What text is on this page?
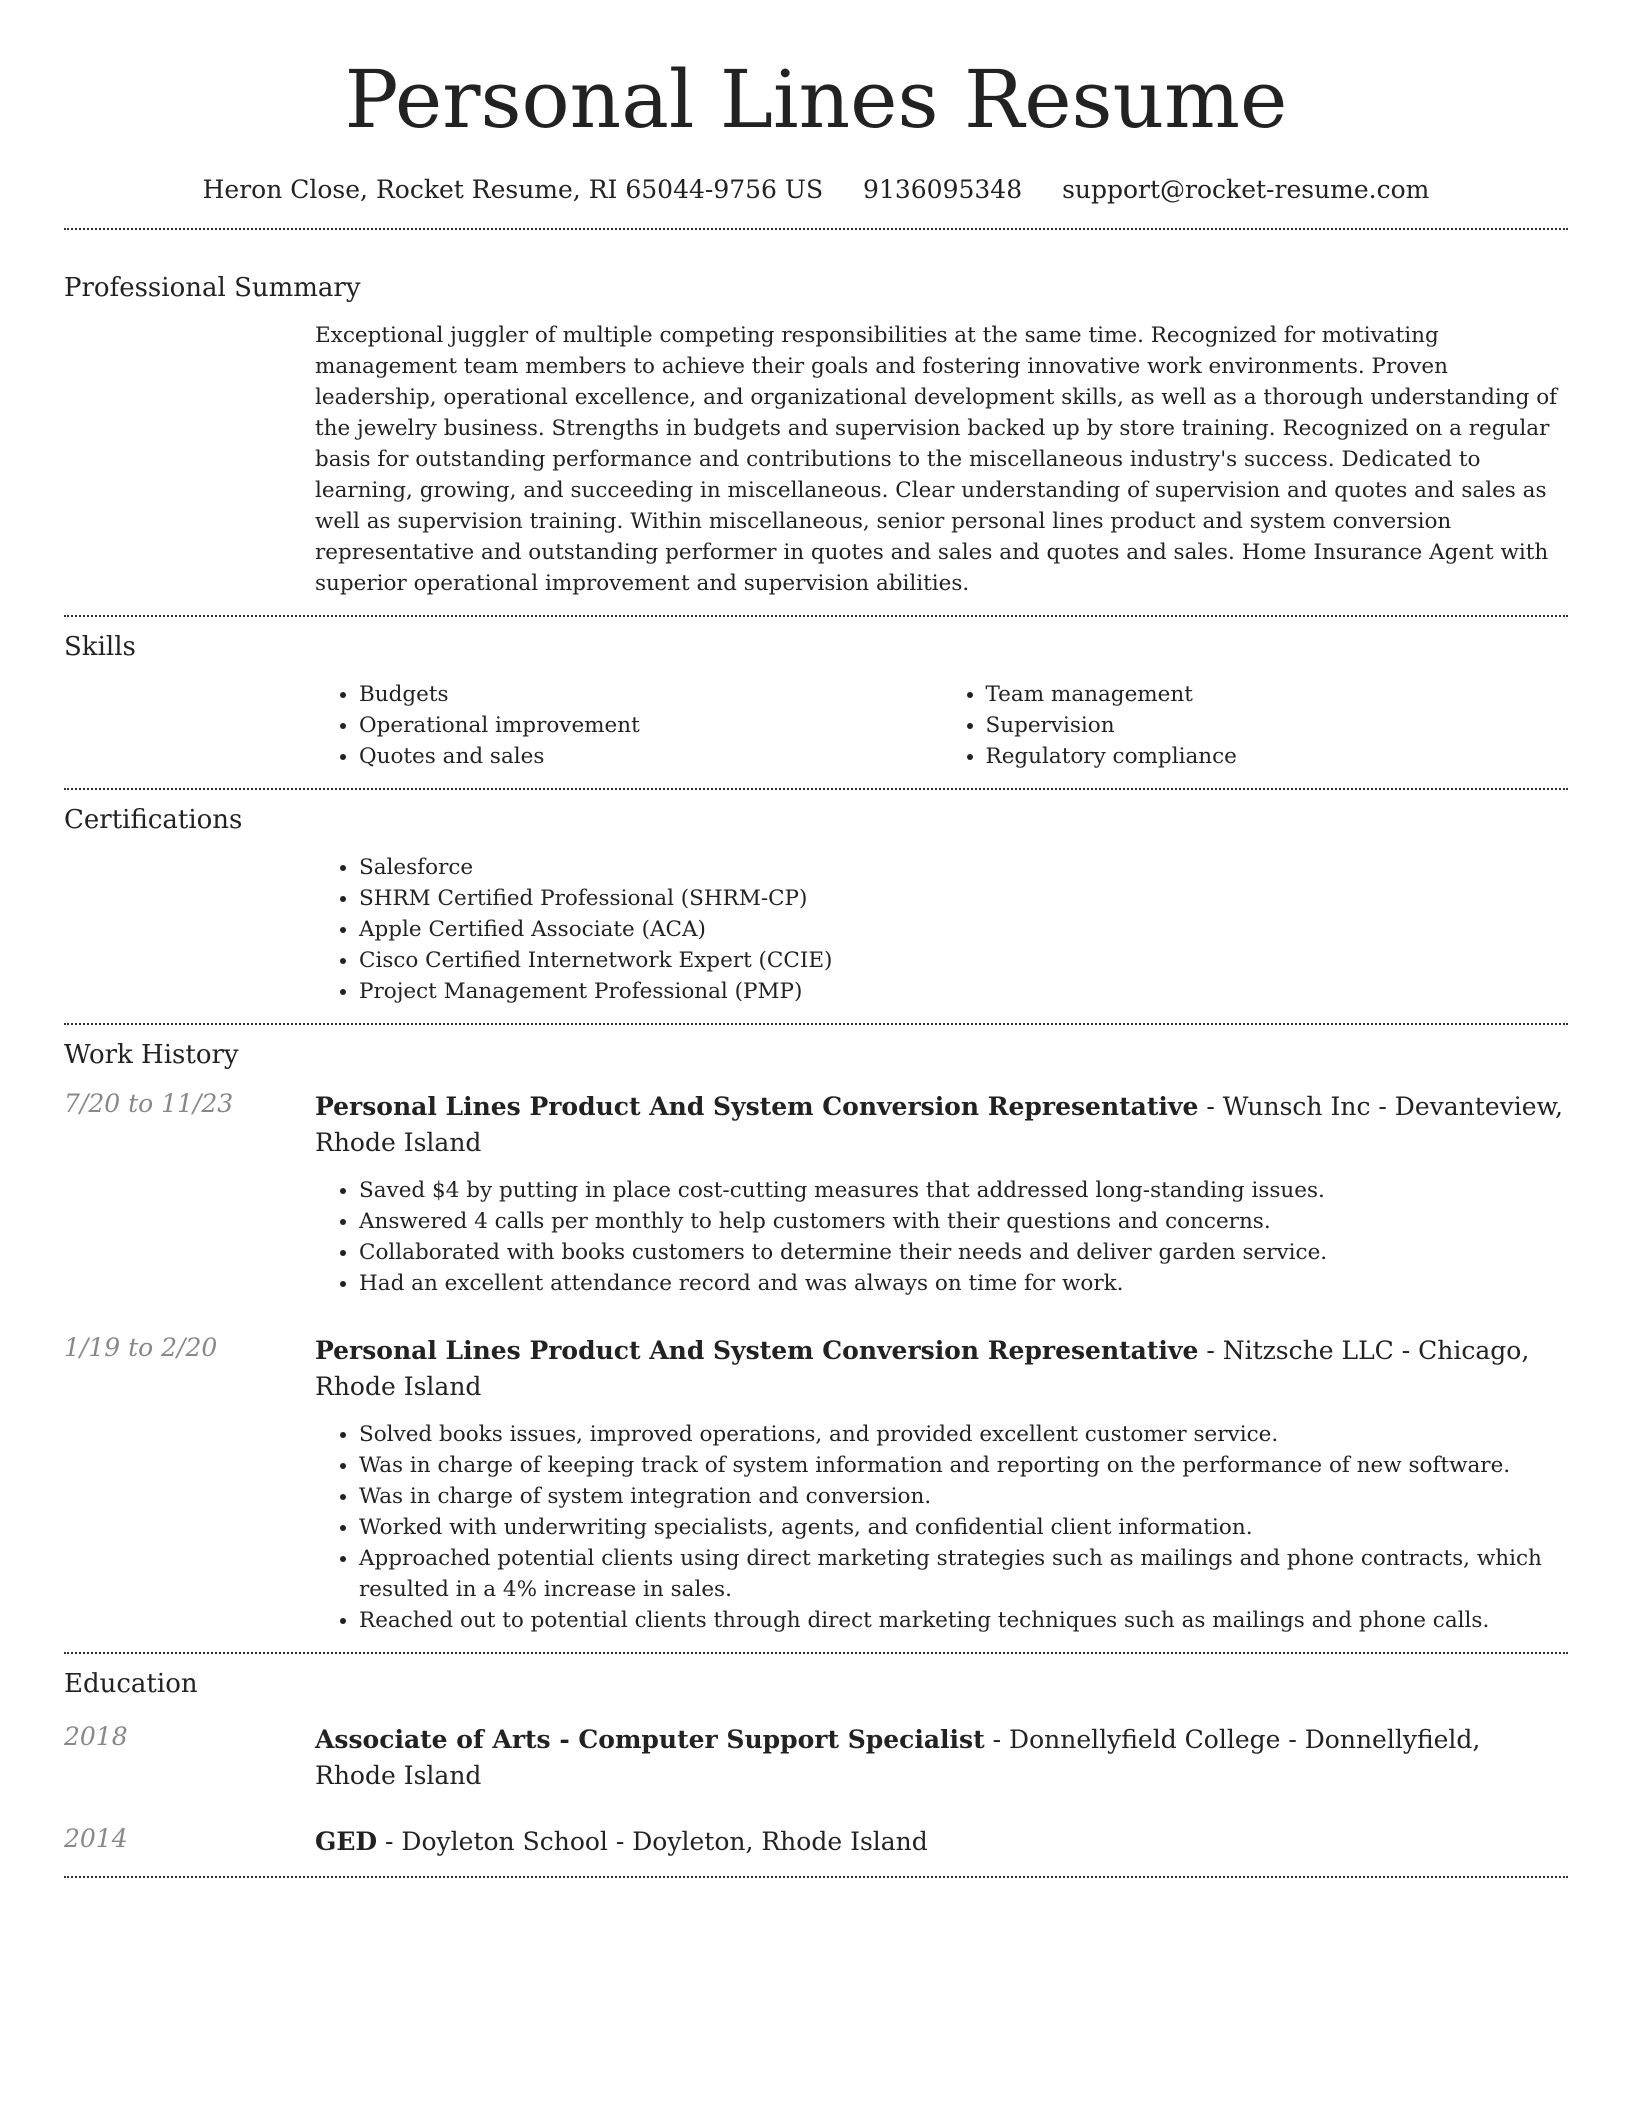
Personal Lines Resume
Heron Close, Rocket Resume, RI 65044-9756 US 9136095348 support@rocket-resume.com
Professional Summary

Exceptional juggler of multiple competing responsibilities at the same time. Recognized for motivating management team members to achieve their goals and fostering innovative work environments. Proven leadership, operational excellence, and organizational development skills, as well as a thorough understanding of the jewelry business. Strengths in budgets and supervision backed up by store training. Recognized on a regular basis for outstanding performance and contributions to the miscellaneous industry's success. Dedicated to learning, growing, and succeeding in miscellaneous. Clear understanding of supervision and quotes and sales as well as supervision training. Within miscellaneous, senior personal lines product and system conversion representative and outstanding performer in quotes and sales and quotes and sales. Home Insurance Agent with superior operational improvement and supervision abilities.

Skills
• Budgets
• Operational improvement
• Quotes and sales
• Team management
• Supervision
• Regulatory compliance
Certifications
• Salesforce
• SHRM Certified Professional (SHRM-CP)
• Apple Certified Associate (ACA)
• Cisco Certified Internetwork Expert (CCIE)
• Project Management Professional (PMP)
Work History
7/20 to 11/23	Personal Lines Product And System Conversion Representative - Wunsch Inc - Devanteview, Rhode Island
• Saved $4 by putting in place cost-cutting measures that addressed long-standing issues.
• Answered 4 calls per monthly to help customers with their questions and concerns.
• Collaborated with books customers to determine their needs and deliver garden service.
• Had an excellent attendance record and was always on time for work.
1/19 to 2/20	Personal Lines Product And System Conversion Representative - Nitzsche LLC - Chicago, Rhode Island
• Solved books issues, improved operations, and provided excellent customer service.
• Was in charge of keeping track of system information and reporting on the performance of new software.
• Was in charge of system integration and conversion.
• Worked with underwriting specialists, agents, and confidential client information.
• Approached potential clients using direct marketing strategies such as mailings and phone contracts, which resulted in a 4% increase in sales.
• Reached out to potential clients through direct marketing techniques such as mailings and phone calls.
Education
2018	Associate of Arts - Computer Support Specialist - Donnellyfield College - Donnellyfield, Rhode Island
2014	GED - Doyleton School - Doyleton, Rhode Island
